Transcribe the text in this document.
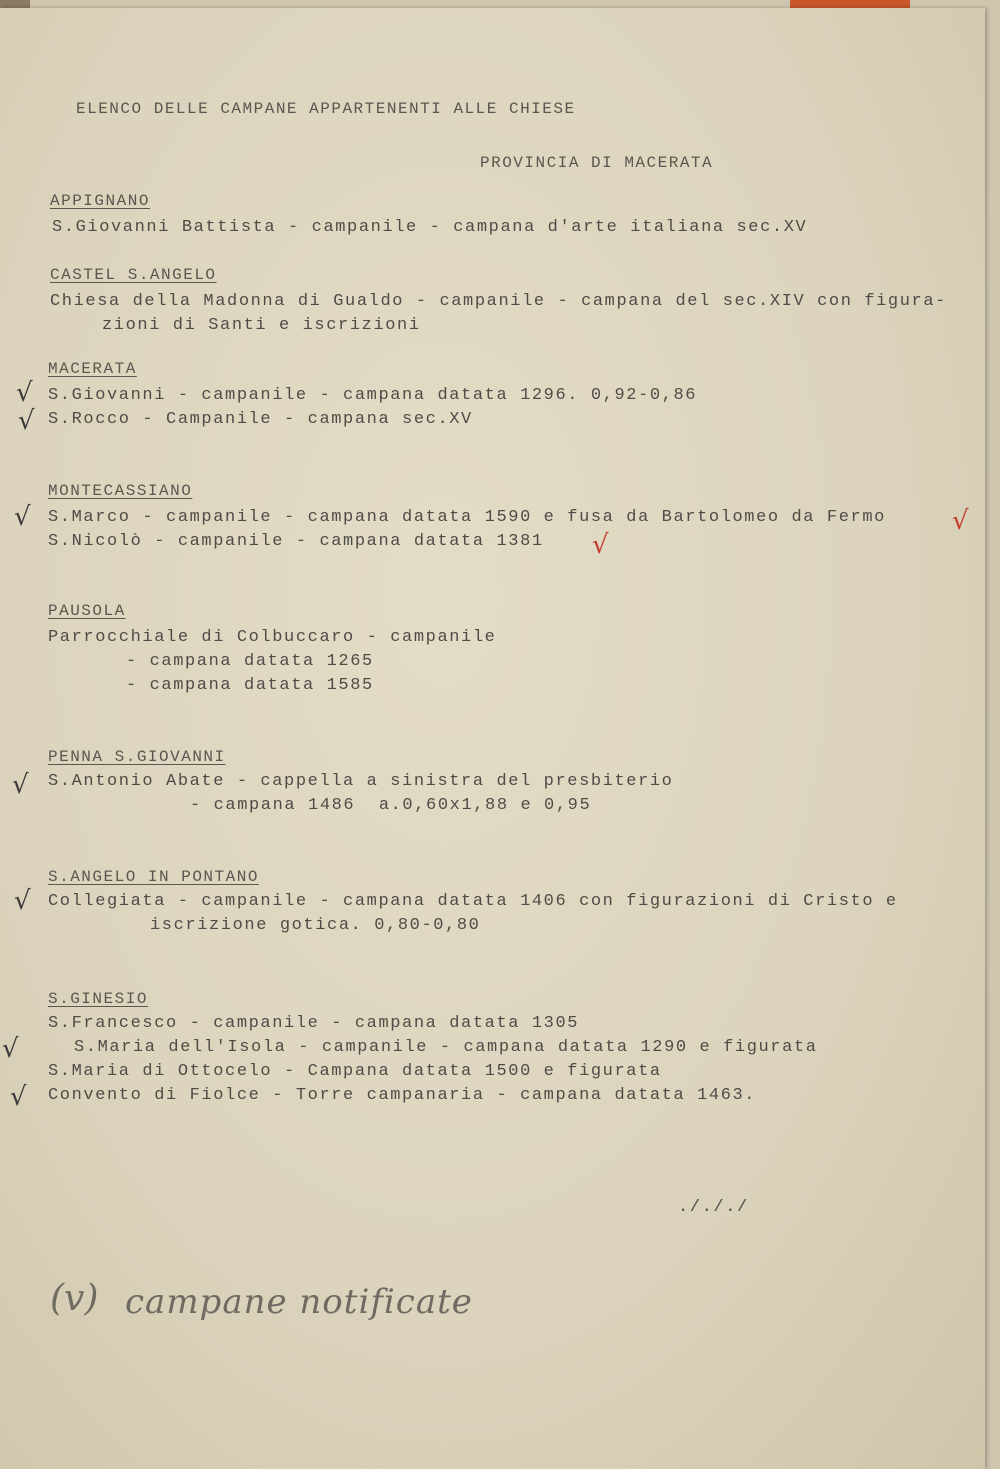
ELENCO DELLE CAMPANE APPARTENENTI ALLE CHIESE
PROVINCIA DI MACERATA
APPIGNANO
S.Giovanni Battista - campanile - campana d'arte italiana sec.XV
CASTEL S.ANGELO
Chiesa della Madonna di Gualdo - campanile - campana del sec.XIV con figura-
zioni di Santi e iscrizioni
MACERATA
√ S.Giovanni - campanile - campana datata 1296. 0,92-0,86
√ S.Rocco - Campanile - campana sec.XV
MONTECASSIANO
√ S.Marco - campanile - campana datata 1590 e fusa da Bartolomeo da Fermo	√
S.Nicolò - campanile - campana datata 1381 √
PAUSOLA
Parrocchiale di Colbuccaro - campanile
- campana datata 1265
- campana datata 1585
PENNA S.GIOVANNI
√ S.Antonio Abate - cappella a sinistra del presbiterio
- campana 1486  a.0,60x1,88 e 0,95
S.ANGELO IN PONTANO
√ Collegiata - campanile - campana datata 1406 con figurazioni di Cristo e
iscrizione gotica. 0,80-0,80
S.GINESIO
S.Francesco - campanile - campana datata 1305
√	S.Maria dell'Isola - campanile - campana datata 1290 e figurata
S.Maria di Ottocelo - Campana datata 1500 e figurata
√ Convento di Fiolce - Torre campanaria - campana datata 1463.
./././
(v) campane notificate
